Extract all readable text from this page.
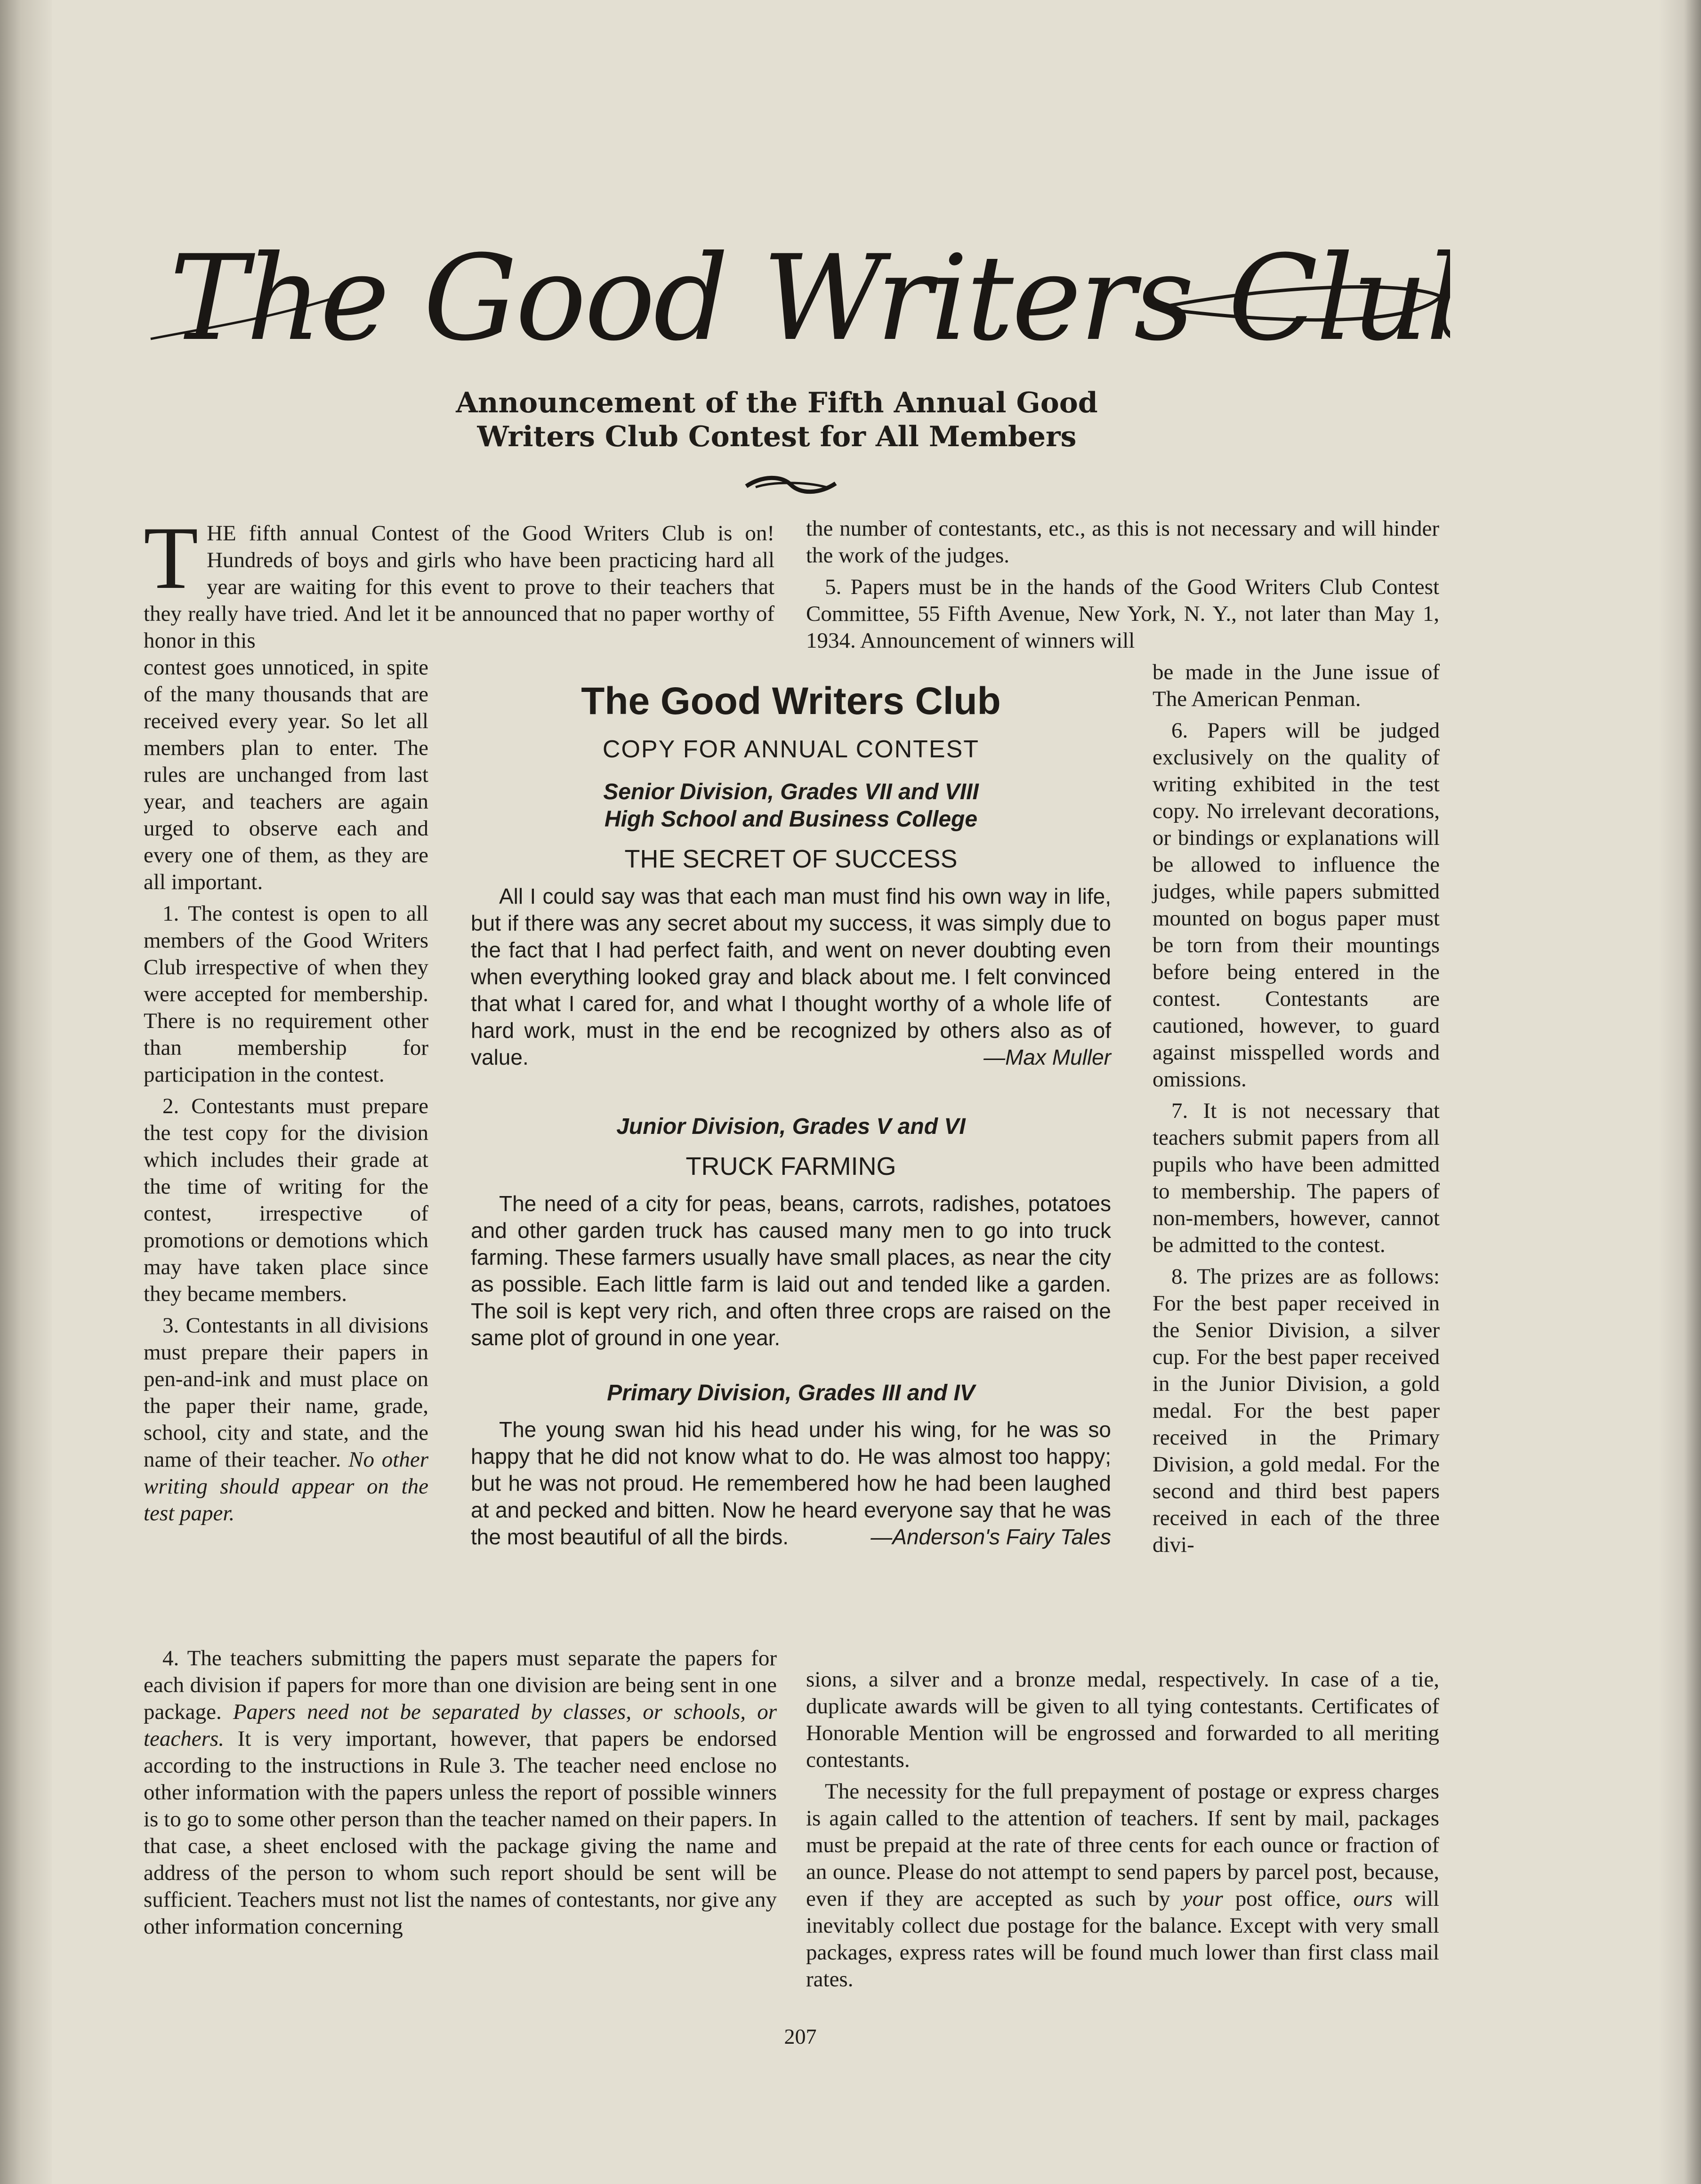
The Good Writers Club
Announcement of the Fifth Annual Good
Writers Club Contest for All Members

THE fifth annual Contest of the Good Writers Club is on! Hundreds of boys and girls who have been practicing hard all year are waiting for this event to prove to their teachers that they really have tried. And let it be announced that no paper worthy of honor in this

contest goes unnoticed, in spite of the many thousands that are received every year. So let all members plan to enter. The rules are unchanged from last year, and teachers are again urged to observe each and every one of them, as they are all important.

1. The contest is open to all members of the Good Writers Club irrespective of when they were accepted for membership. There is no requirement other than membership for participation in the contest.

2. Contestants must prepare the test copy for the division which includes their grade at the time of writing for the contest, irrespective of promotions or demotions which may have taken place since they became members.

3. Contestants in all divisions must prepare their papers in pen-and-ink and must place on the paper their name, grade, school, city and state, and the name of their teacher. No other writing should appear on the test paper.

4. The teachers submitting the papers must separate the papers for each division if papers for more than one division are being sent in one package. Papers need not be separated by classes, or schools, or teachers. It is very important, however, that papers be endorsed according to the instructions in Rule 3. The teacher need enclose no other information with the papers unless the report of possible winners is to go to some other person than the teacher named on their papers. In that case, a sheet enclosed with the package giving the name and address of the person to whom such report should be sent will be sufficient. Teachers must not list the names of contestants, nor give any other information concerning

the number of contestants, etc., as this is not necessary and will hinder the work of the judges.

5. Papers must be in the hands of the Good Writers Club Contest Committee, 55 Fifth Avenue, New York, N. Y., not later than May 1, 1934. Announcement of winners will

be made in the June issue of The American Penman.

6. Papers will be judged exclusively on the quality of writing exhibited in the test copy. No irrelevant decorations, or bindings or explanations will be allowed to influence the judges, while papers submitted mounted on bogus paper must be torn from their mountings before being entered in the contest. Contestants are cautioned, however, to guard against misspelled words and omissions.

7. It is not necessary that teachers submit papers from all pupils who have been admitted to membership. The papers of non-members, however, cannot be admitted to the contest.

8. The prizes are as follows: For the best paper received in the Senior Division, a silver cup. For the best paper received in the Junior Division, a gold medal. For the best paper received in the Primary Division, a gold medal. For the second and third best papers received in each of the three divi-

sions, a silver and a bronze medal, respectively. In case of a tie, duplicate awards will be given to all tying contestants. Certificates of Honorable Mention will be engrossed and forwarded to all meriting contestants.

The necessity for the full prepayment of postage or express charges is again called to the attention of teachers. If sent by mail, packages must be prepaid at the rate of three cents for each ounce or fraction of an ounce. Please do not attempt to send papers by parcel post, because, even if they are accepted as such by your post office, ours will inevitably collect due postage for the balance. Except with very small packages, express rates will be found much lower than first class mail rates.

The Good Writers Club
COPY FOR ANNUAL CONTEST
Senior Division, Grades VII and VIII
High School and Business College
THE SECRET OF SUCCESS

All I could say was that each man must find his own way in life, but if there was any secret about my success, it was simply due to the fact that I had perfect faith, and went on never doubting even when everything looked gray and black about me. I felt convinced that what I cared for, and what I thought worthy of a whole life of hard work, must in the end be recognized by others also as of value.	—Max Muller

Junior Division, Grades V and VI
TRUCK FARMING

The need of a city for peas, beans, carrots, radishes, potatoes and other garden truck has caused many men to go into truck farming. These farmers usually have small places, as near the city as possible. Each little farm is laid out and tended like a garden. The soil is kept very rich, and often three crops are raised on the same plot of ground in one year.

Primary Division, Grades III and IV

The young swan hid his head under his wing, for he was so happy that he did not know what to do. He was almost too happy; but he was not proud. He remembered how he had been laughed at and pecked and bitten. Now he heard everyone say that he was the most beautiful of all the birds.	—Anderson's Fairy Tales

207
